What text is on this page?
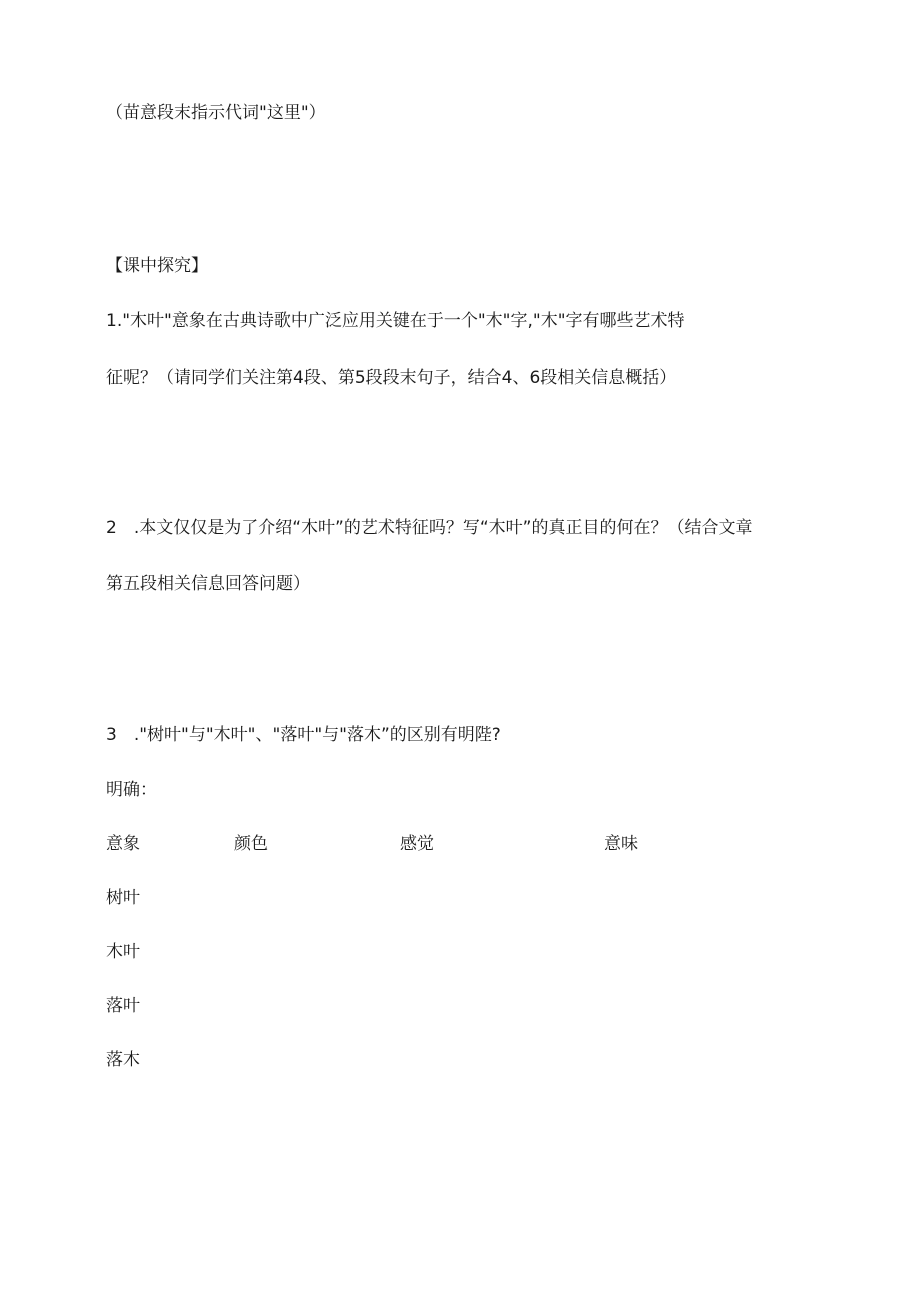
（苗意段末指示代词"这里"）
【课中探究】
1."木叶"意象在古典诗歌中广泛应用关键在于一个"木"字,"木"字有哪些艺术特
征呢？（请同学们关注第4段、第5段段末句子，结合4、6段相关信息概括）
2　.本文仅仅是为了介绍“木叶”的艺术特征吗？写“木叶”的真正目的何在？（结合文章
第五段相关信息回答问题）
3　."树叶"与"木叶"、"落叶"与"落木”的区别有明陛?
明确：
意象	颜色	感觉	意味
树叶
木叶
落叶
落木
